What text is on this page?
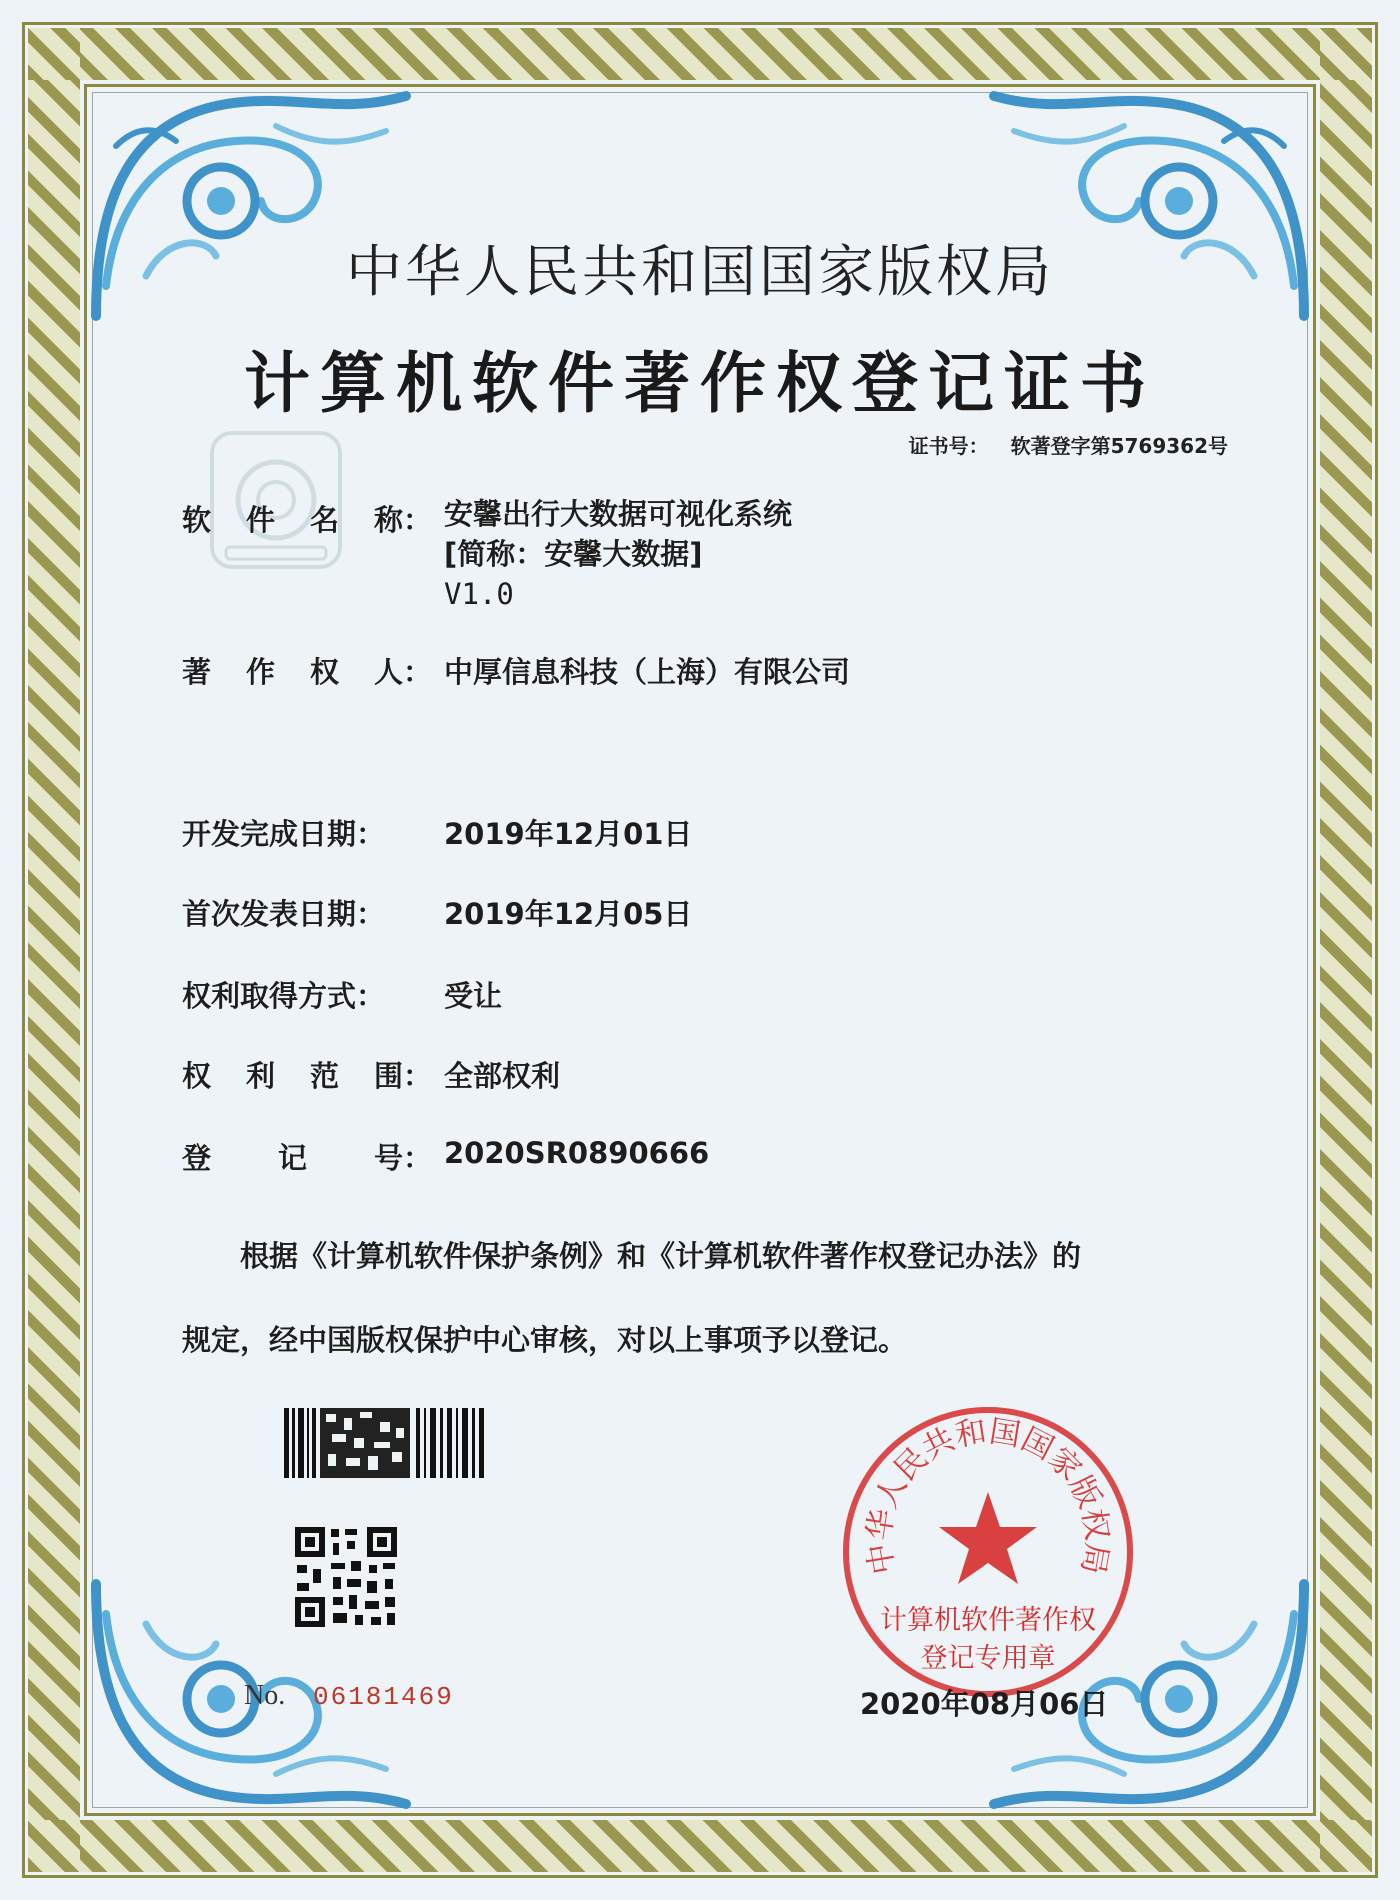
中华人民共和国国家版权局
计算机软件著作权登记证书
证书号： 软著登字第5769362号
软 件 名 称： 安馨出行大数据可视化系统
[简称：安馨大数据]
V1.0
著 作 权 人： 中厚信息科技（上海）有限公司
开发完成日期： 2019年12月01日
首次发表日期： 2019年12月05日
权利取得方式： 受让
权 利 范 围： 全部权利
登 记 号： 2020SR0890666
根据《计算机软件保护条例》和《计算机软件著作权登记办法》的
规定，经中国版权保护中心审核，对以上事项予以登记。
No. 06181469
中华人民共和国国家版权局
计算机软件著作权
登记专用章
2020年08月06日
